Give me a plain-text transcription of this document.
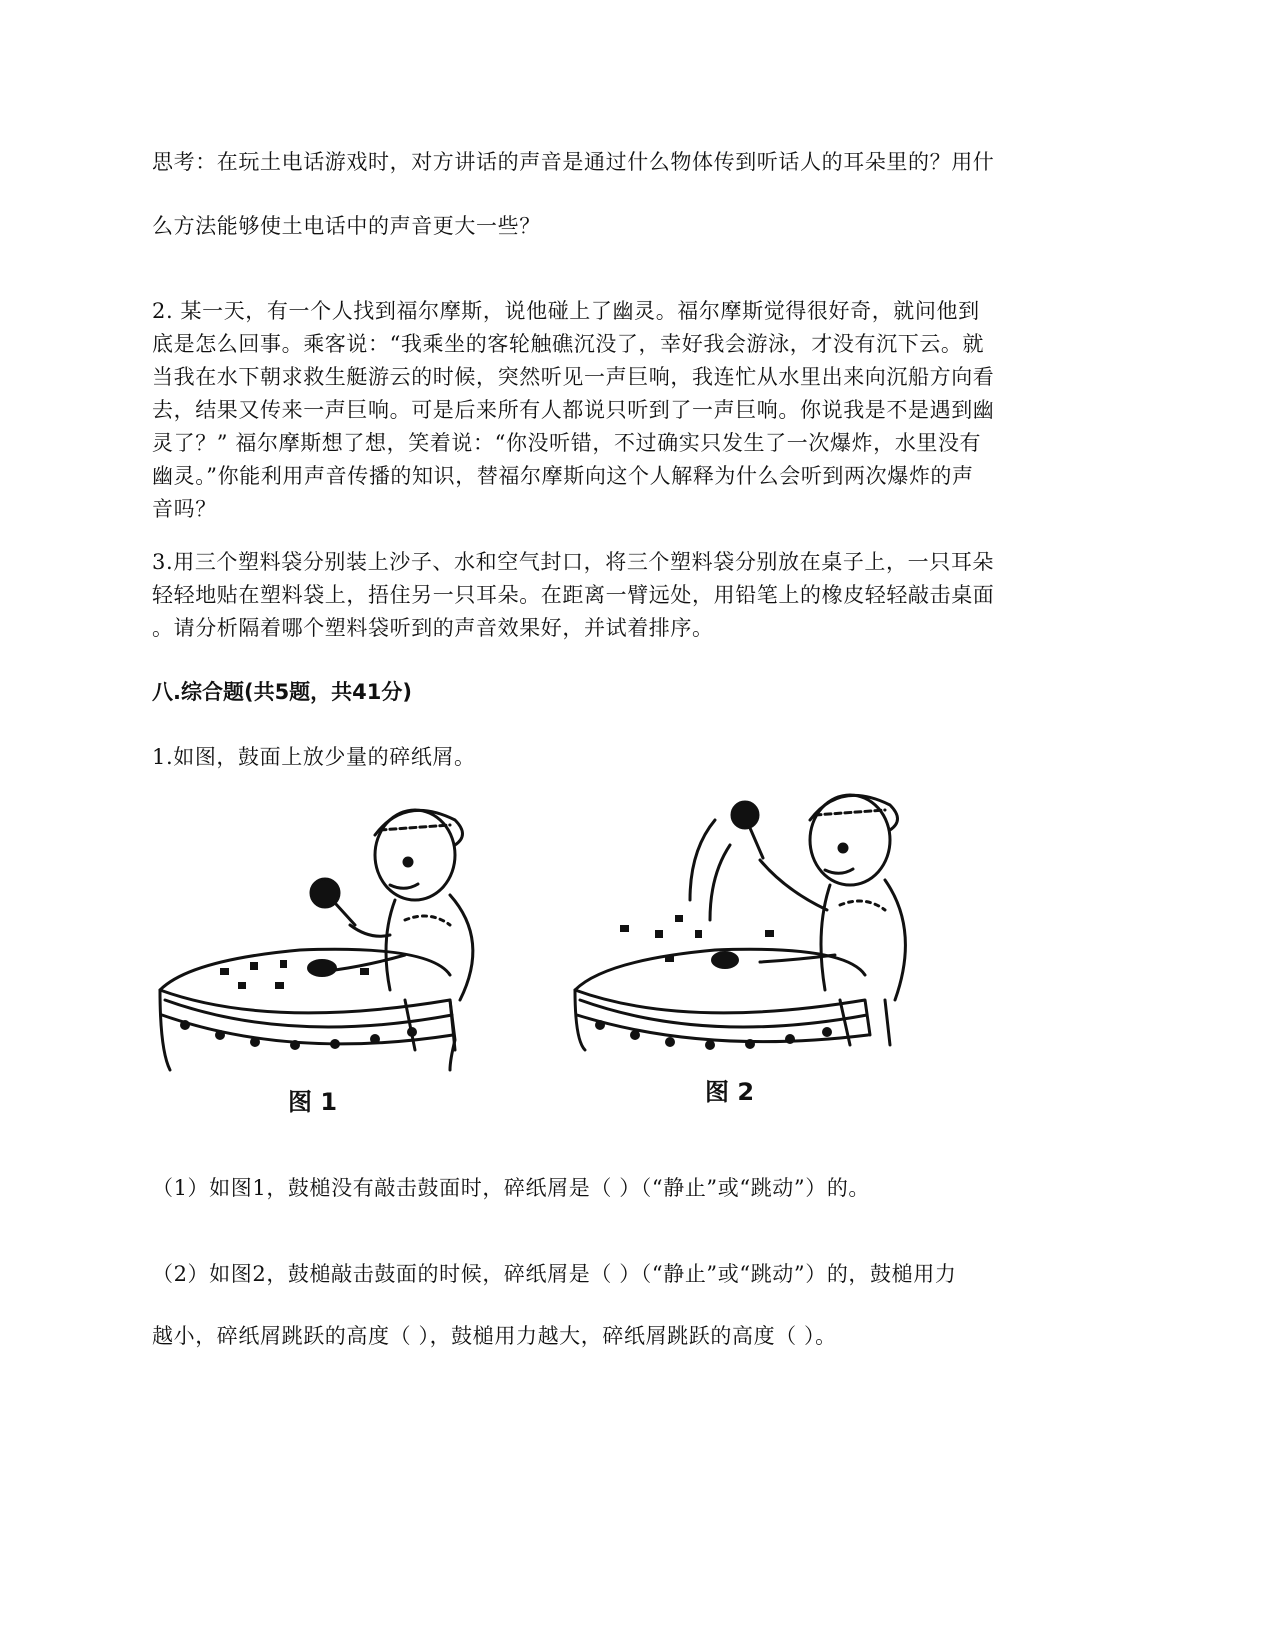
思考：在玩土电话游戏时，对方讲话的声音是通过什么物体传到听话人的耳朵里的？用什
么方法能够使土电话中的声音更大一些？
2. 某一天，有一个人找到福尔摩斯，说他碰上了幽灵。福尔摩斯觉得很好奇，就问他到
底是怎么回事。乘客说：“我乘坐的客轮触礁沉没了，幸好我会游泳，才没有沉下云。就
当我在水下朝求救生艇游云的时候，突然听见一声巨响，我连忙从水里出来向沉船方向看
去，结果又传来一声巨响。可是后来所有人都说只听到了一声巨响。你说我是不是遇到幽
灵了？” 福尔摩斯想了想，笑着说：“你没听错，不过确实只发生了一次爆炸，水里没有
幽灵。”你能利用声音传播的知识，替福尔摩斯向这个人解释为什么会听到两次爆炸的声
音吗？
3.用三个塑料袋分别装上沙子、水和空气封口，将三个塑料袋分别放在桌子上，一只耳朵
轻轻地贴在塑料袋上，捂住另一只耳朵。在距离一臂远处，用铅笔上的橡皮轻轻敲击桌面
。请分析隔着哪个塑料袋听到的声音效果好，并试着排序。
八.综合题(共5题，共41分)
1.如图，鼓面上放少量的碎纸屑。
图 1	图 2
（1）如图1，鼓槌没有敲击鼓面时，碎纸屑是（ ）（“静止”或“跳动”）的。
（2）如图2，鼓槌敲击鼓面的时候，碎纸屑是（ ）（“静止”或“跳动”）的，鼓槌用力
越小，碎纸屑跳跃的高度（ ），鼓槌用力越大，碎纸屑跳跃的高度（ ）。
